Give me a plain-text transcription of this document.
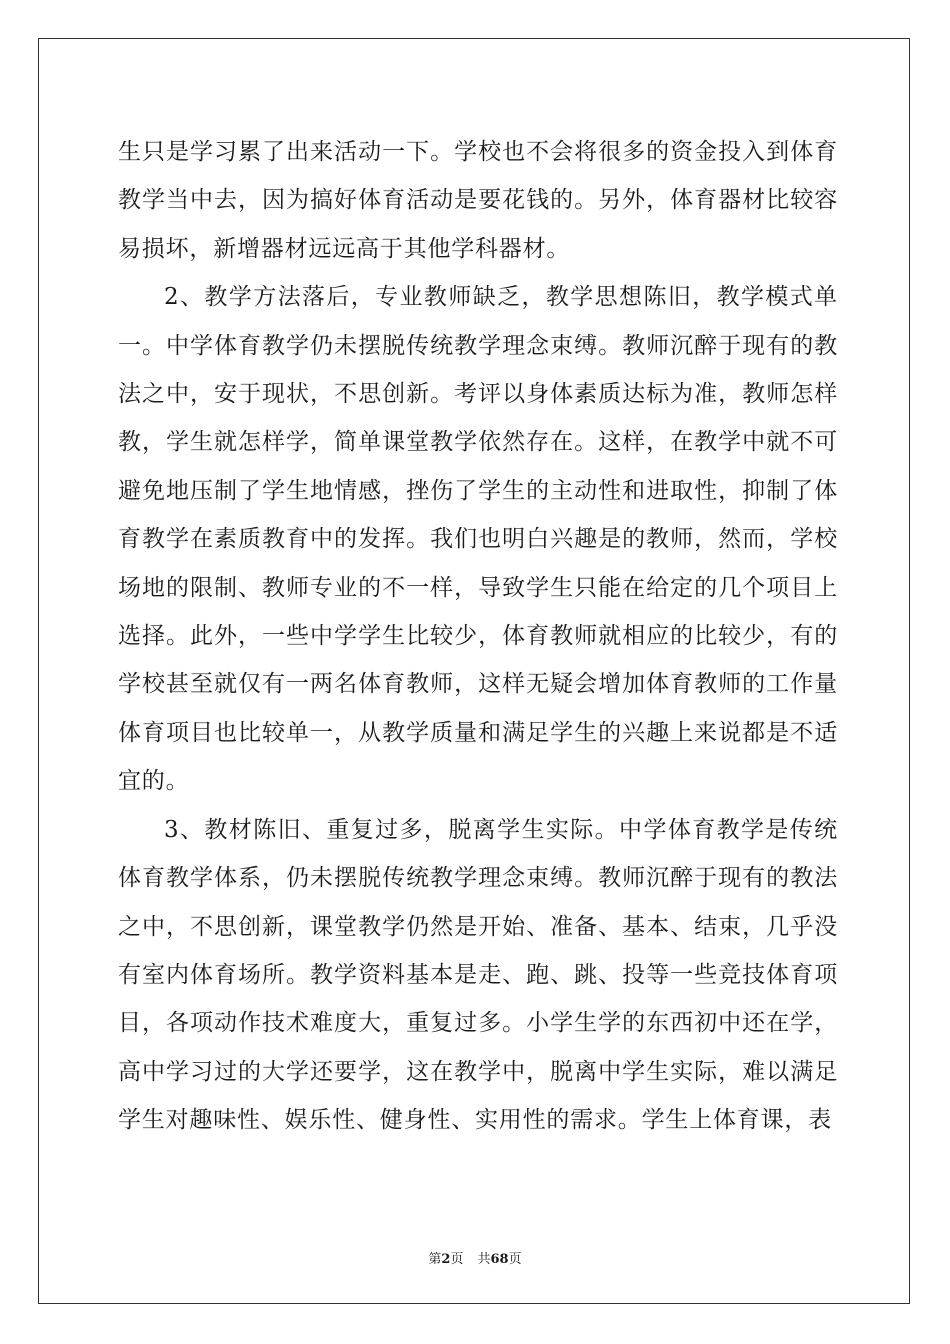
生只是学习累了出来活动一下。学校也不会将很多的资金投入到体育教学当中去，因为搞好体育活动是要花钱的。另外，体育器材比较容易损坏，新增器材远远高于其他学科器材。

2、教学方法落后，专业教师缺乏，教学思想陈旧，教学模式单一。中学体育教学仍未摆脱传统教学理念束缚。教师沉醉于现有的教法之中，安于现状，不思创新。考评以身体素质达标为准，教师怎样教，学生就怎样学，简单课堂教学依然存在。这样，在教学中就不可避免地压制了学生地情感，挫伤了学生的主动性和进取性，抑制了体育教学在素质教育中的发挥。我们也明白兴趣是的教师，然而，学校场地的限制、教师专业的不一样，导致学生只能在给定的几个项目上选择。此外，一些中学学生比较少，体育教师就相应的比较少，有的学校甚至就仅有一两名体育教师，这样无疑会增加体育教师的工作量体育项目也比较单一，从教学质量和满足学生的兴趣上来说都是不适宜的。

3、教材陈旧、重复过多，脱离学生实际。中学体育教学是传统体育教学体系，仍未摆脱传统教学理念束缚。教师沉醉于现有的教法之中，不思创新，课堂教学仍然是开始、准备、基本、结束，几乎没有室内体育场所。教学资料基本是走、跑、跳、投等一些竞技体育项目，各项动作技术难度大，重复过多。小学生学的东西初中还在学，高中学习过的大学还要学，这在教学中，脱离中学生实际，难以满足学生对趣味性、娱乐性、健身性、实用性的需求。学生上体育课，表

第2页 共68页
